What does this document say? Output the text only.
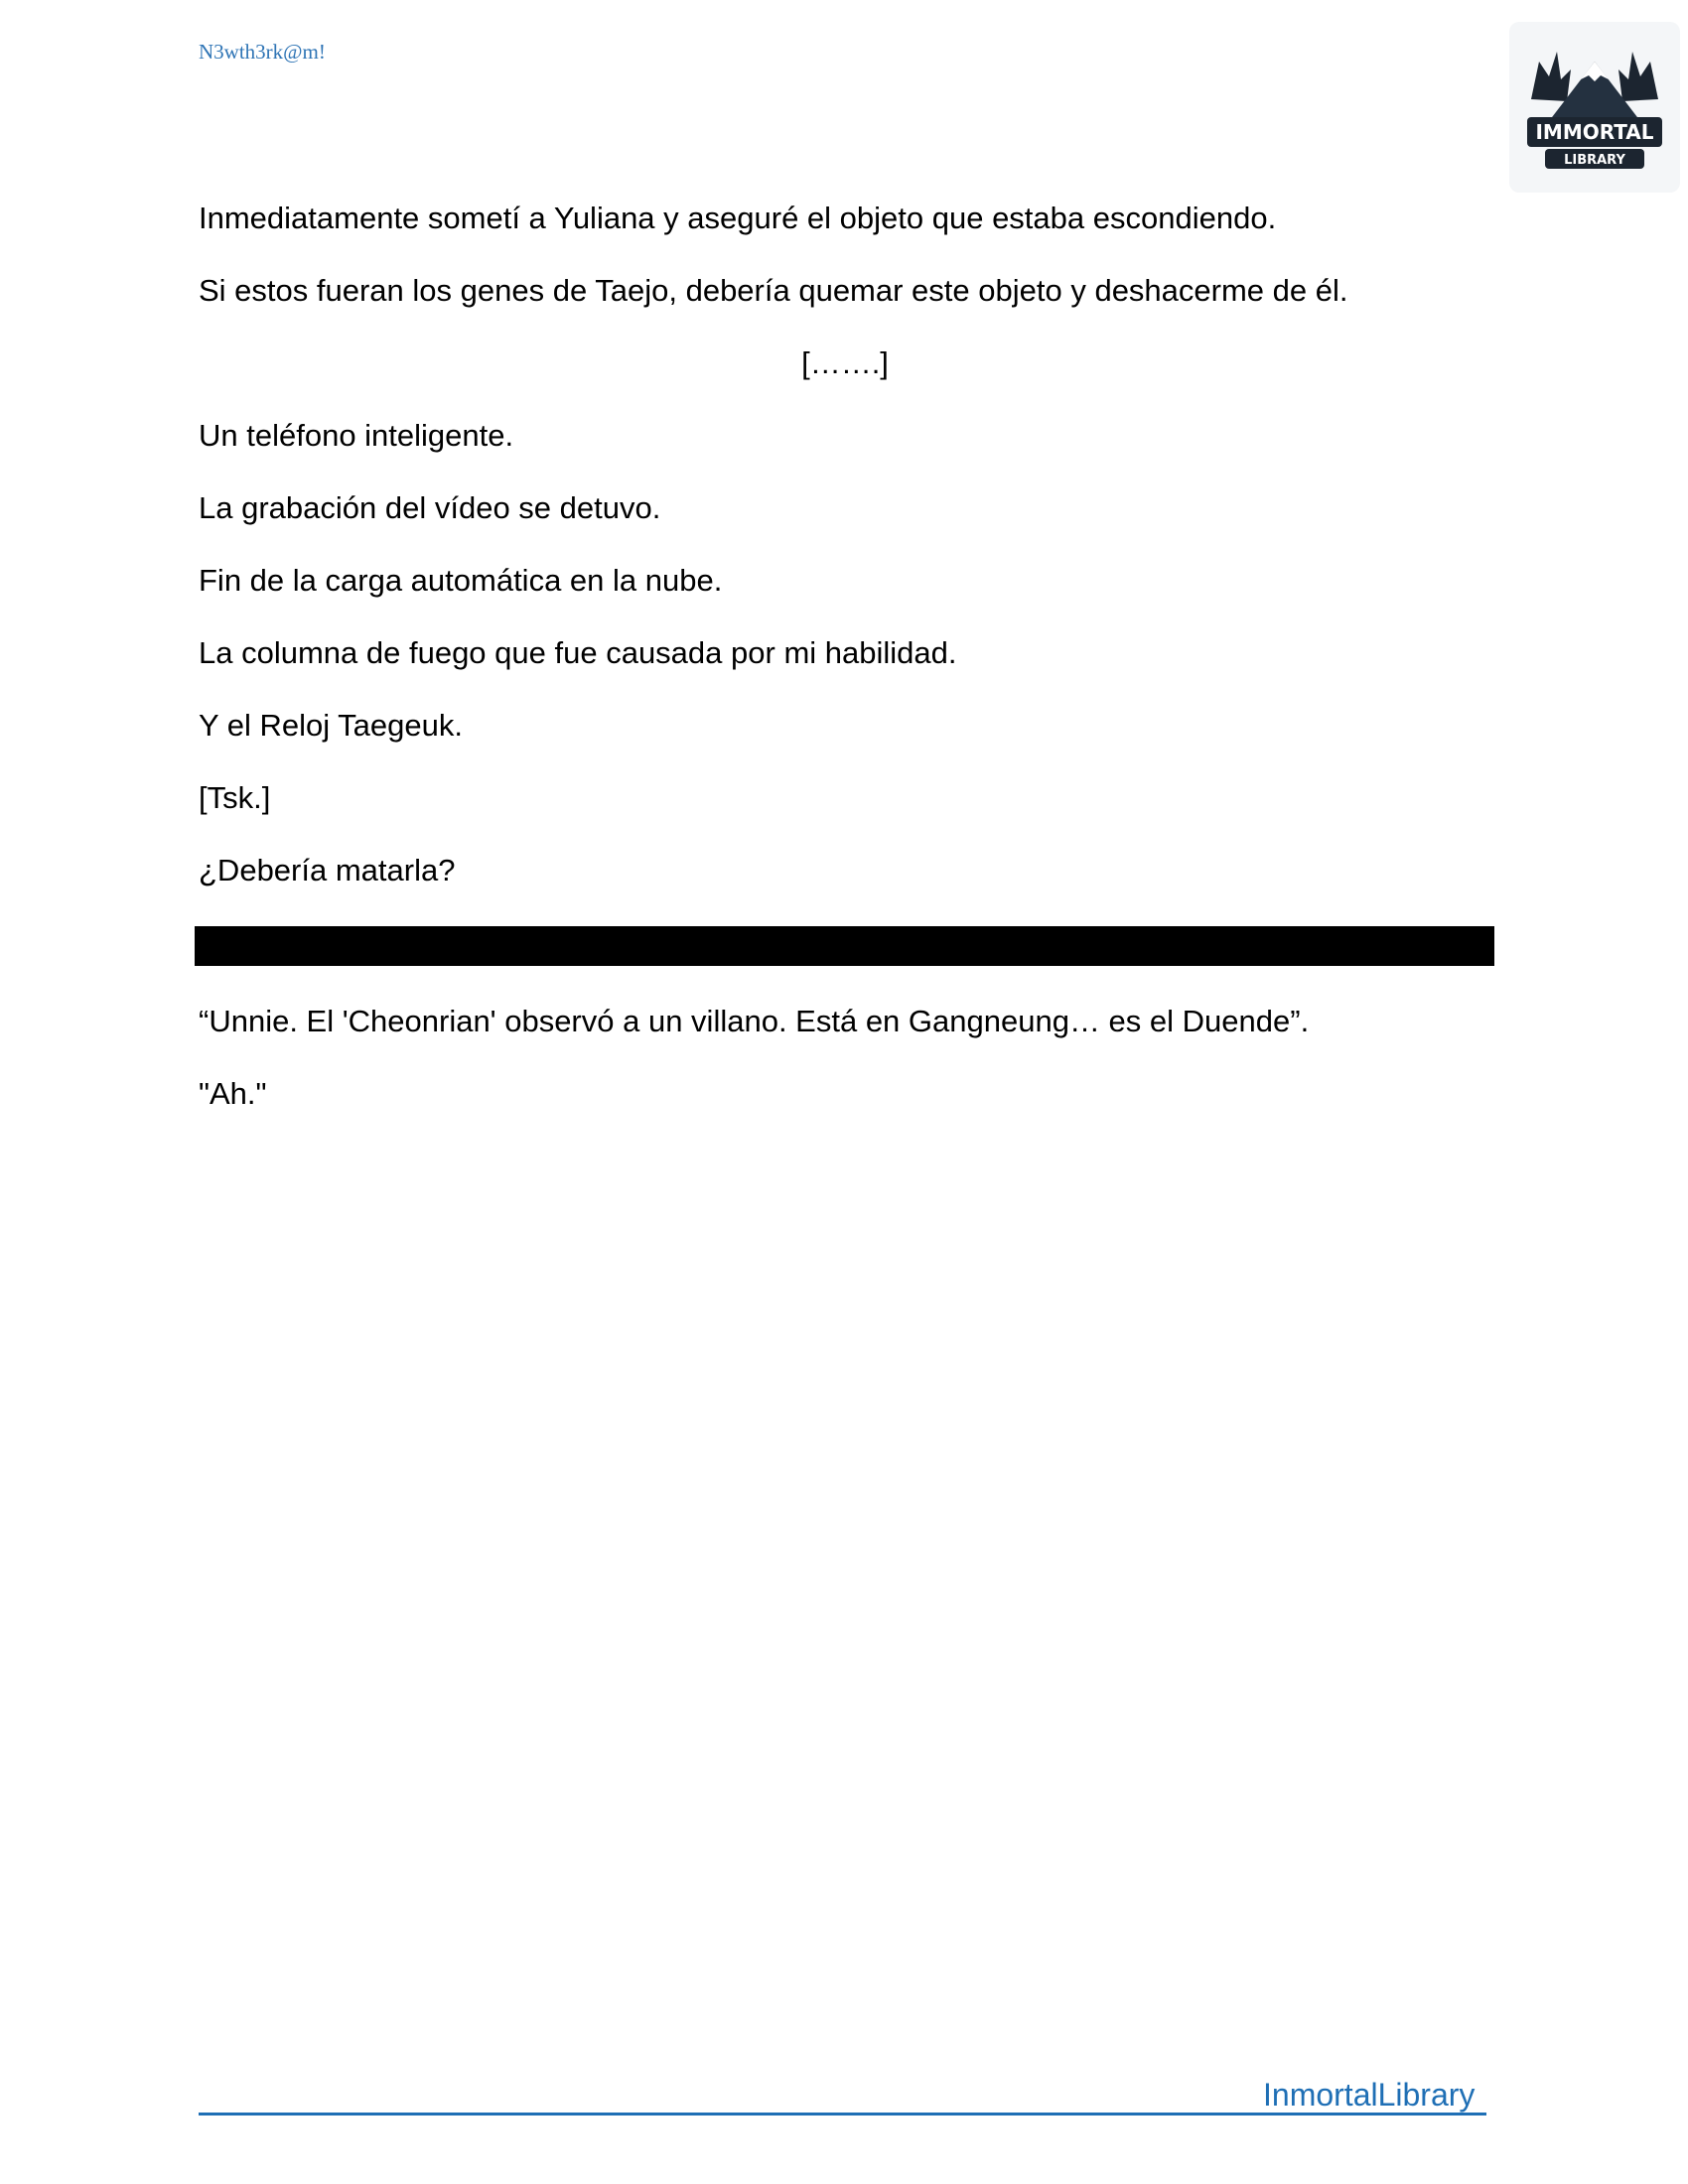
N3wth3rk@m!
IMMORTAL
LIBRARY

Inmediatamente sometí a Yuliana y aseguré el objeto que estaba escondiendo.

Si estos fueran los genes de Taejo, debería quemar este objeto y deshacerme de él.

[…….]

Un teléfono inteligente.

La grabación del vídeo se detuvo.

Fin de la carga automática en la nube.

La columna de fuego que fue causada por mi habilidad.

Y el Reloj Taegeuk.

[Tsk.]

¿Debería matarla?

“Unnie. El 'Cheonrian' observó a un villano. Está en Gangneung… es el Duende”.

"Ah."

InmortalLibrary
